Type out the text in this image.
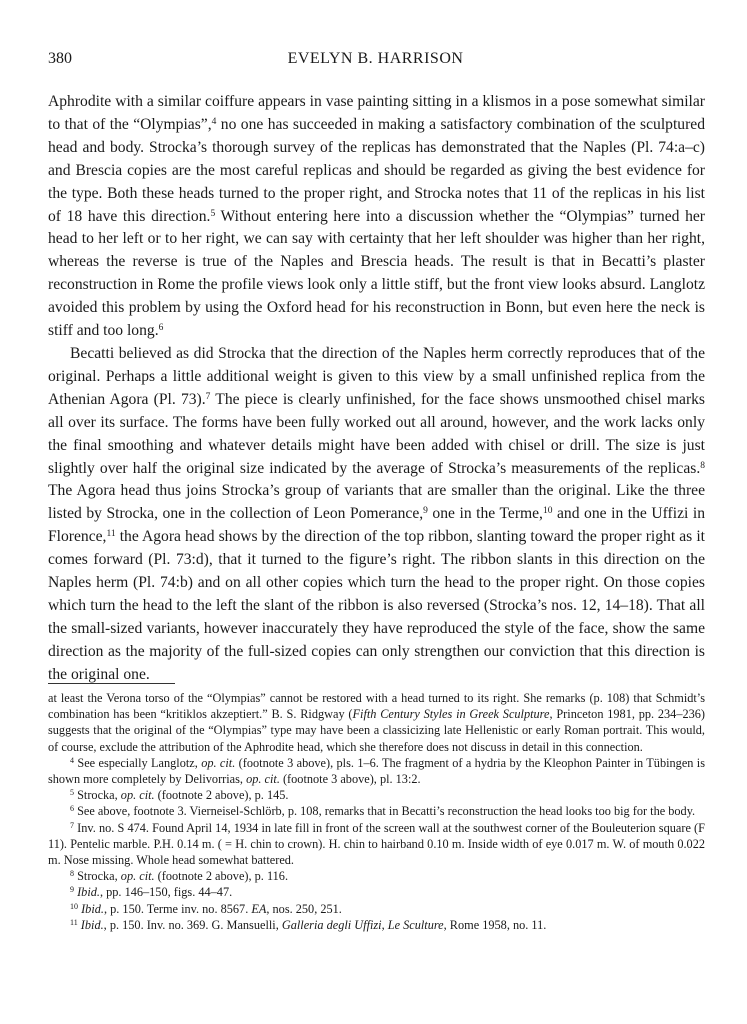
380	EVELYN B. HARRISON

Aphrodite with a similar coiffure appears in vase painting sitting in a klismos in a pose somewhat similar to that of the “Olympias”,$^4$ no one has succeeded in making a satisfactory combination of the sculptured head and body. Strocka’s thorough survey of the replicas has demonstrated that the Naples (Pl. 74:a–c) and Brescia copies are the most careful replicas and should be regarded as giving the best evidence for the type. Both these heads turned to the proper right, and Strocka notes that 11 of the replicas in his list of 18 have this direction.$^5$ Without entering here into a discussion whether the “Olympias” turned her head to her left or to her right, we can say with certainty that her left shoulder was higher than her right, whereas the reverse is true of the Naples and Brescia heads. The result is that in Becatti’s plaster reconstruction in Rome the profile views look only a little stiff, but the front view looks absurd. Langlotz avoided this problem by using the Oxford head for his reconstruction in Bonn, but even here the neck is stiff and too long.$^6$

Becatti believed as did Strocka that the direction of the Naples herm correctly reproduces that of the original. Perhaps a little additional weight is given to this view by a small unfinished replica from the Athenian Agora (Pl. 73).$^7$ The piece is clearly unfinished, for the face shows unsmoothed chisel marks all over its surface. The forms have been fully worked out all around, however, and the work lacks only the final smoothing and whatever details might have been added with chisel or drill. The size is just slightly over half the original size indicated by the average of Strocka’s measurements of the replicas.$^8$ The Agora head thus joins Strocka’s group of variants that are smaller than the original. Like the three listed by Strocka, one in the collection of Leon Pomerance,$^9$ one in the Terme,$^{10}$ and one in the Uffizi in Florence,$^{11}$ the Agora head shows by the direction of the top ribbon, slanting toward the proper right as it comes forward (Pl. 73:d), that it turned to the figure’s right. The ribbon slants in this direction on the Naples herm (Pl. 74:b) and on all other copies which turn the head to the proper right. On those copies which turn the head to the left the slant of the ribbon is also reversed (Strocka’s nos. 12, 14–18). That all the small-sized variants, however inaccurately they have reproduced the style of the face, show the same direction as the majority of the full-sized copies can only strengthen our conviction that this direction is the original one.

at least the Verona torso of the “Olympias” cannot be restored with a head turned to its right. She remarks (p. 108) that Schmidt’s combination has been “kritiklos akzeptiert.” B. S. Ridgway (Fifth Century Styles in Greek Sculpture, Princeton 1981, pp. 234–236) suggests that the original of the “Olympias” type may have been a classicizing late Hellenistic or early Roman portrait. This would, of course, exclude the attribution of the Aphrodite head, which she therefore does not discuss in detail in this connection.

$^4$ See especially Langlotz, op. cit. (footnote 3 above), pls. 1–6. The fragment of a hydria by the Kleophon Painter in Tübingen is shown more completely by Delivorrias, op. cit. (footnote 3 above), pl. 13:2.

$^5$ Strocka, op. cit. (footnote 2 above), p. 145.

$^6$ See above, footnote 3. Vierneisel-Schlörb, p. 108, remarks that in Becatti’s reconstruction the head looks too big for the body.

$^7$ Inv. no. S 474. Found April 14, 1934 in late fill in front of the screen wall at the southwest corner of the Bouleuterion square (F 11). Pentelic marble. P.H. 0.14 m. ( = H. chin to crown). H. chin to hairband 0.10 m. Inside width of eye 0.017 m. W. of mouth 0.022 m. Nose missing. Whole head somewhat battered.

$^8$ Strocka, op. cit. (footnote 2 above), p. 116.

$^9$ Ibid., pp. 146–150, figs. 44–47.

$^{10}$ Ibid., p. 150. Terme inv. no. 8567. EA, nos. 250, 251.

$^{11}$ Ibid., p. 150. Inv. no. 369. G. Mansuelli, Galleria degli Uffizi, Le Sculture, Rome 1958, no. 11.
